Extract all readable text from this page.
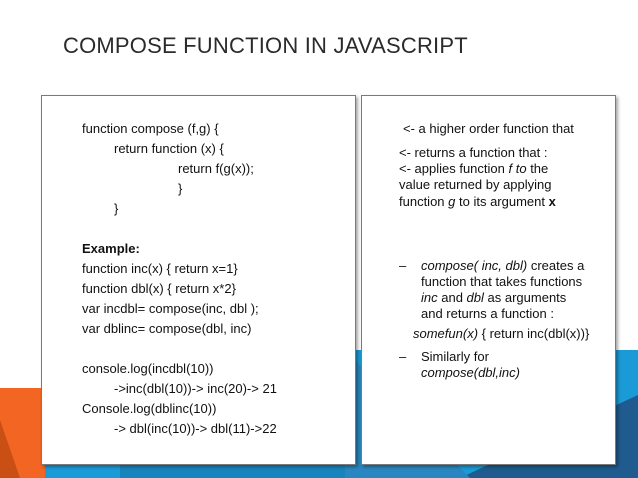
COMPOSE FUNCTION IN JAVASCRIPT
function compose (f,g) {
return function (x) {
return f(g(x));
}
}
Example:
function inc(x) { return x=1}
function dbl(x) { return x*2}
var incdbl= compose(inc, dbl );
var dblinc= compose(dbl, inc)
console.log(incdbl(10))
->inc(dbl(10))-> inc(20)-> 21
Console.log(dblinc(10))
-> dbl(inc(10))-> dbl(11)->22
<- a higher order function that
<- returns a function that :
<- applies function f to the
value returned by applying
function g to its argument x
– compose( inc, dbl) creates a
function that takes functions
inc and dbl as arguments
and returns a function :
somefun(x) { return inc(dbl(x))}
– Similarly for
compose(dbl,inc)
